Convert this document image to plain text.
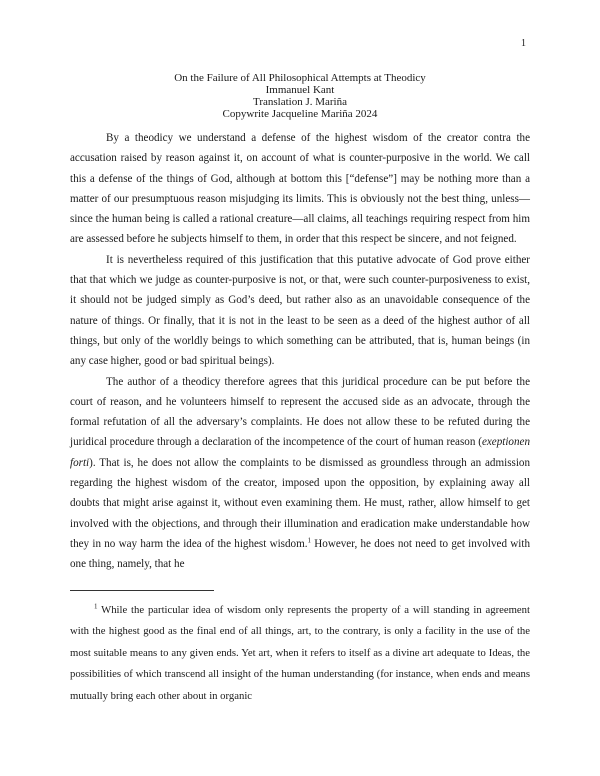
1
On the Failure of All Philosophical Attempts at Theodicy
Immanuel Kant
Translation J. Mariña
Copywrite Jacqueline Mariña 2024

By a theodicy we understand a defense of the highest wisdom of the creator contra the accusation raised by reason against it, on account of what is counter-purposive in the world. We call this a defense of the things of God, although at bottom this [“defense”] may be nothing more than a matter of our presumptuous reason misjudging its limits. This is obviously not the best thing, unless—since the human being is called a rational creature—all claims, all teachings requiring respect from him are assessed before he subjects himself to them, in order that this respect be sincere, and not feigned.

It is nevertheless required of this justification that this putative advocate of God prove either that that which we judge as counter-purposive is not, or that, were such counter-purposiveness to exist, it should not be judged simply as God’s deed, but rather also as an unavoidable consequence of the nature of things. Or finally, that it is not in the least to be seen as a deed of the highest author of all things, but only of the worldly beings to which something can be attributed, that is, human beings (in any case higher, good or bad spiritual beings).

The author of a theodicy therefore agrees that this juridical procedure can be put before the court of reason, and he volunteers himself to represent the accused side as an advocate, through the formal refutation of all the adversary’s complaints. He does not allow these to be refuted during the juridical procedure through a declaration of the incompetence of the court of human reason (exeptionen forti). That is, he does not allow the complaints to be dismissed as groundless through an admission regarding the highest wisdom of the creator, imposed upon the opposition, by explaining away all doubts that might arise against it, without even examining them. He must, rather, allow himself to get involved with the objections, and through their illumination and eradication make understandable how they in no way harm the idea of the highest wisdom.$^1$ However, he does not need to get involved with one thing, namely, that he

$^1$ While the particular idea of wisdom only represents the property of a will standing in agreement with the highest good as the final end of all things, art, to the contrary, is only a facility in the use of the most suitable means to any given ends. Yet art, when it refers to itself as a divine art adequate to Ideas, the possibilities of which transcend all insight of the human understanding (for instance, when ends and means mutually bring each other about in organic
